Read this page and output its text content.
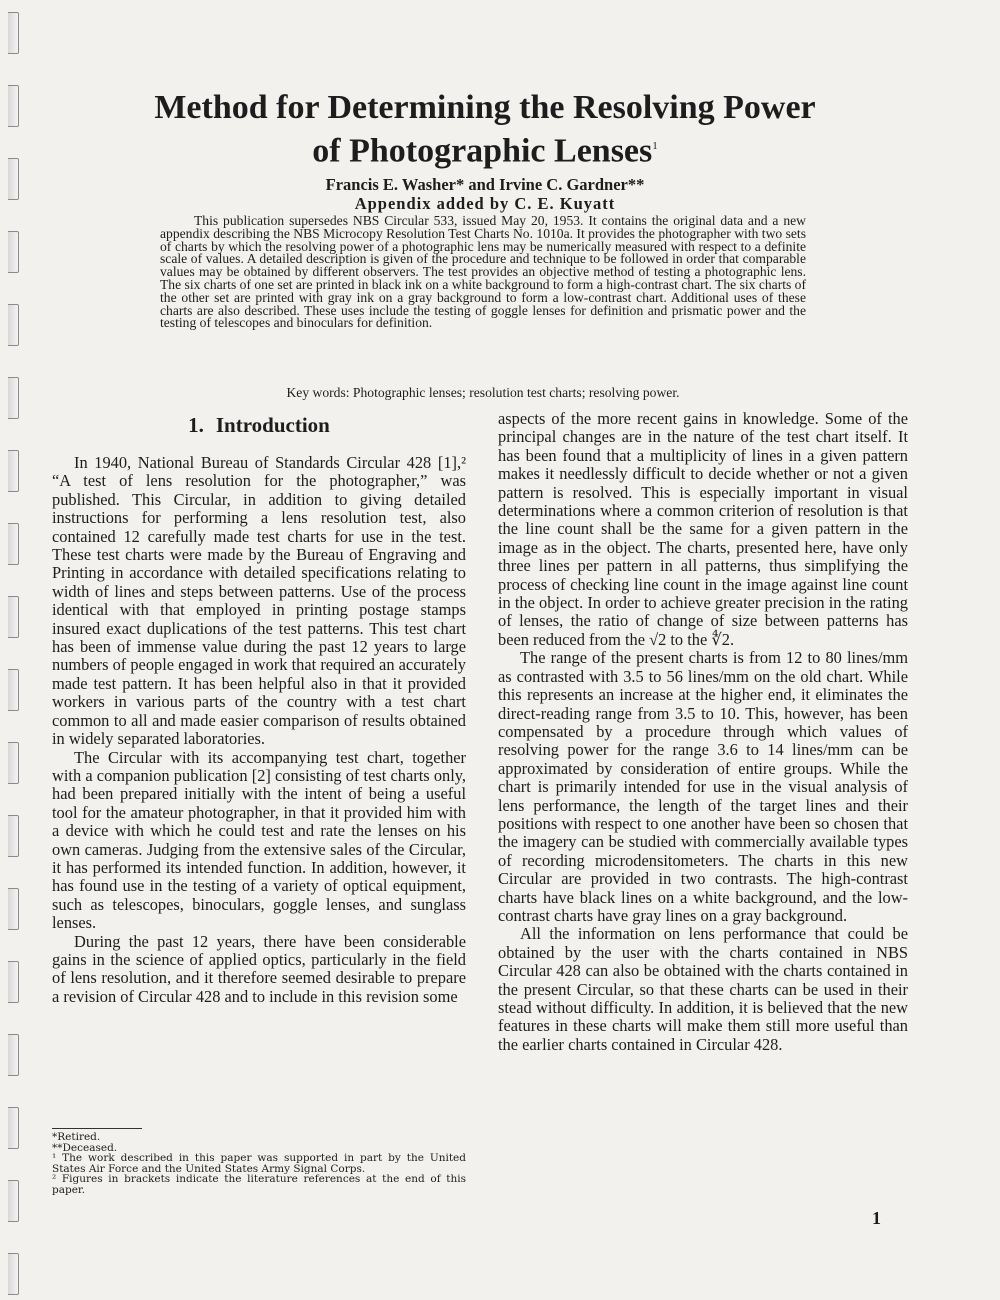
Method for Determining the Resolving Power
of Photographic Lenses$^1$
Francis E. Washer* and Irvine C. Gardner**
Appendix added by C. E. Kuyatt

This publication supersedes NBS Circular 533, issued May 20, 1953. It contains the original data and a new appendix describing the NBS Microcopy Resolution Test Charts No. 1010a. It provides the photographer with two sets of charts by which the resolving power of a photographic lens may be numerically measured with respect to a definite scale of values. A detailed description is given of the procedure and technique to be followed in order that comparable values may be obtained by different observers. The test provides an objective method of testing a photographic lens. The six charts of one set are printed in black ink on a white background to form a high-contrast chart. The six charts of the other set are printed with gray ink on a gray background to form a low-contrast chart. Additional uses of these charts are also described. These uses include the testing of goggle lenses for definition and prismatic power and the testing of telescopes and binoculars for definition.

Key words: Photographic lenses; resolution test charts; resolving power.
1. Introduction

In 1940, National Bureau of Standards Circular 428 [1],² “A test of lens resolution for the photographer,” was published. This Circular, in addition to giving detailed instructions for performing a lens resolution test, also contained 12 carefully made test charts for use in the test. These test charts were made by the Bureau of Engraving and Printing in accordance with detailed specifications relating to width of lines and steps between patterns. Use of the process identical with that employed in printing postage stamps insured exact duplications of the test patterns. This test chart has been of immense value during the past 12 years to large numbers of people engaged in work that required an accurately made test pattern. It has been helpful also in that it provided workers in various parts of the country with a test chart common to all and made easier comparison of results obtained in widely separated laboratories.

The Circular with its accompanying test chart, together with a companion publication [2] consisting of test charts only, had been prepared initially with the intent of being a useful tool for the amateur photographer, in that it provided him with a device with which he could test and rate the lenses on his own cameras. Judging from the extensive sales of the Circular, it has performed its intended function. In addition, however, it has found use in the testing of a variety of optical equipment, such as telescopes, binoculars, goggle lenses, and sunglass lenses.

During the past 12 years, there have been considerable gains in the science of applied optics, particularly in the field of lens resolution, and it therefore seemed desirable to prepare a revision of Circular 428 and to include in this revision some

aspects of the more recent gains in knowledge. Some of the principal changes are in the nature of the test chart itself. It has been found that a multiplicity of lines in a given pattern makes it needlessly difficult to decide whether or not a given pattern is resolved. This is especially important in visual determinations where a common criterion of resolution is that the line count shall be the same for a given pattern in the image as in the object. The charts, presented here, have only three lines per pattern in all patterns, thus simplifying the process of checking line count in the image against line count in the object. In order to achieve greater precision in the rating of lenses, the ratio of change of size between patterns has been reduced from the √2 to the ∜2.

The range of the present charts is from 12 to 80 lines/mm as contrasted with 3.5 to 56 lines/mm on the old chart. While this represents an increase at the higher end, it eliminates the direct-reading range from 3.5 to 10. This, however, has been compensated by a procedure through which values of resolving power for the range 3.6 to 14 lines/mm can be approximated by consideration of entire groups. While the chart is primarily intended for use in the visual analysis of lens performance, the length of the target lines and their positions with respect to one another have been so chosen that the imagery can be studied with commercially available types of recording microdensitometers. The charts in this new Circular are provided in two contrasts. The high-contrast charts have black lines on a white background, and the low-contrast charts have gray lines on a gray background.

All the information on lens performance that could be obtained by the user with the charts contained in NBS Circular 428 can also be obtained with the charts contained in the present Circular, so that these charts can be used in their stead without difficulty. In addition, it is believed that the new features in these charts will make them still more useful than the earlier charts contained in Circular 428.

*Retired.

**Deceased.

¹ The work described in this paper was supported in part by the United States Air Force and the United States Army Signal Corps.

² Figures in brackets indicate the literature references at the end of this paper.

1
